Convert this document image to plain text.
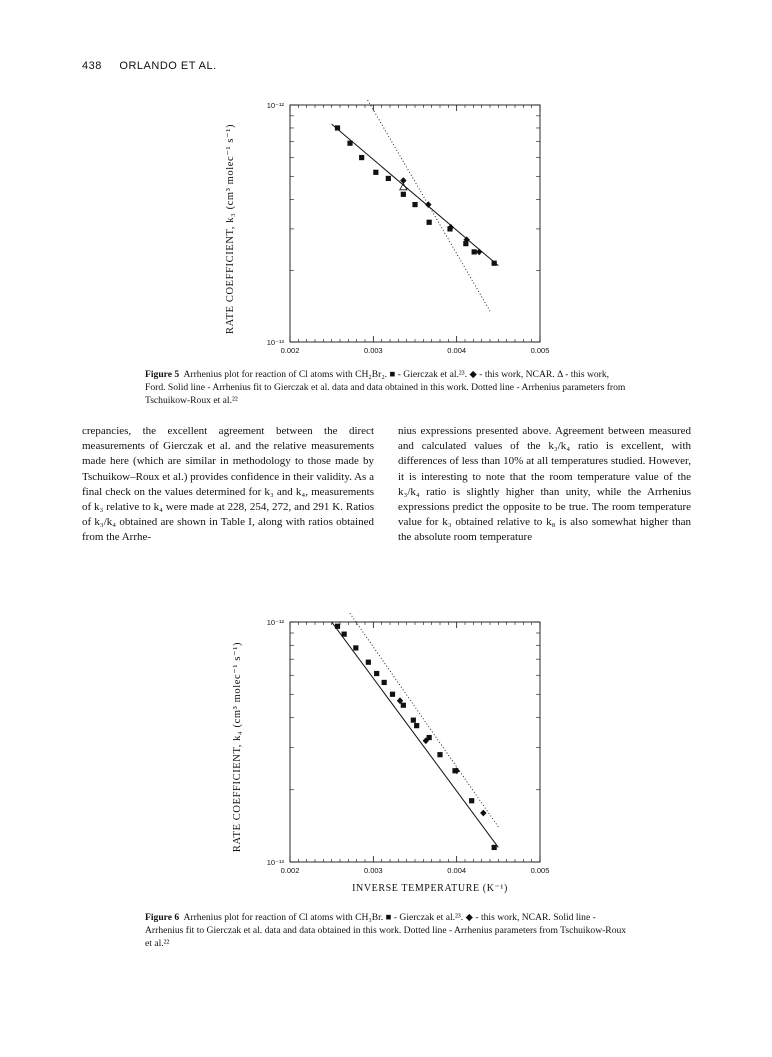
438 ORLANDO ET AL.
0.002	0.003	0.004	0.005
10⁻¹²
10⁻¹³
RATE COEFFICIENT, k₃ (cm³ molec⁻¹ s⁻¹)
Figure 5 Arrhenius plot for reaction of Cl atoms with CH₂Br₂. ■ - Gierczak et al.²³. ◆ - this work, NCAR. Δ - this work, Ford. Solid line - Arrhenius fit to Gierczak et al. data and data obtained in this work. Dotted line - Arrhenius parameters from Tschuikow-Roux et al.²²

crepancies, the excellent agreement between the direct measurements of Gierczak et al. and the relative measurements made here (which are similar in methodology to those made by Tschuikow–Roux et al.) provides confidence in their validity. As a final check on the values determined for k₃ and k₄, measurements of k₃ relative to k₄ were made at 228, 254, 272, and 291 K. Ratios of k₃/k₄ obtained are shown in Table I, along with ratios obtained from the Arrhe-

nius expressions presented above. Agreement between measured and calculated values of the k₃/k₄ ratio is excellent, with differences of less than 10% at all temperatures studied. However, it is interesting to note that the room temperature value of the k₃/k₄ ratio is slightly higher than unity, while the Arrhenius expressions predict the opposite to be true. The room temperature value for k₃ obtained relative to k₈ is also somewhat higher than the absolute room temperature

0.002	0.003	0.004	0.005
10⁻¹²
10⁻¹³
RATE COEFFICIENT, k₄ (cm³ molec⁻¹ s⁻¹)
INVERSE TEMPERATURE (K⁻¹)
Figure 6 Arrhenius plot for reaction of Cl atoms with CH₃Br. ■ - Gierczak et al.²³. ◆ - this work, NCAR. Solid line - Arrhenius fit to Gierczak et al. data and data obtained in this work. Dotted line - Arrhenius parameters from Tschuikow-Roux et al.²²
